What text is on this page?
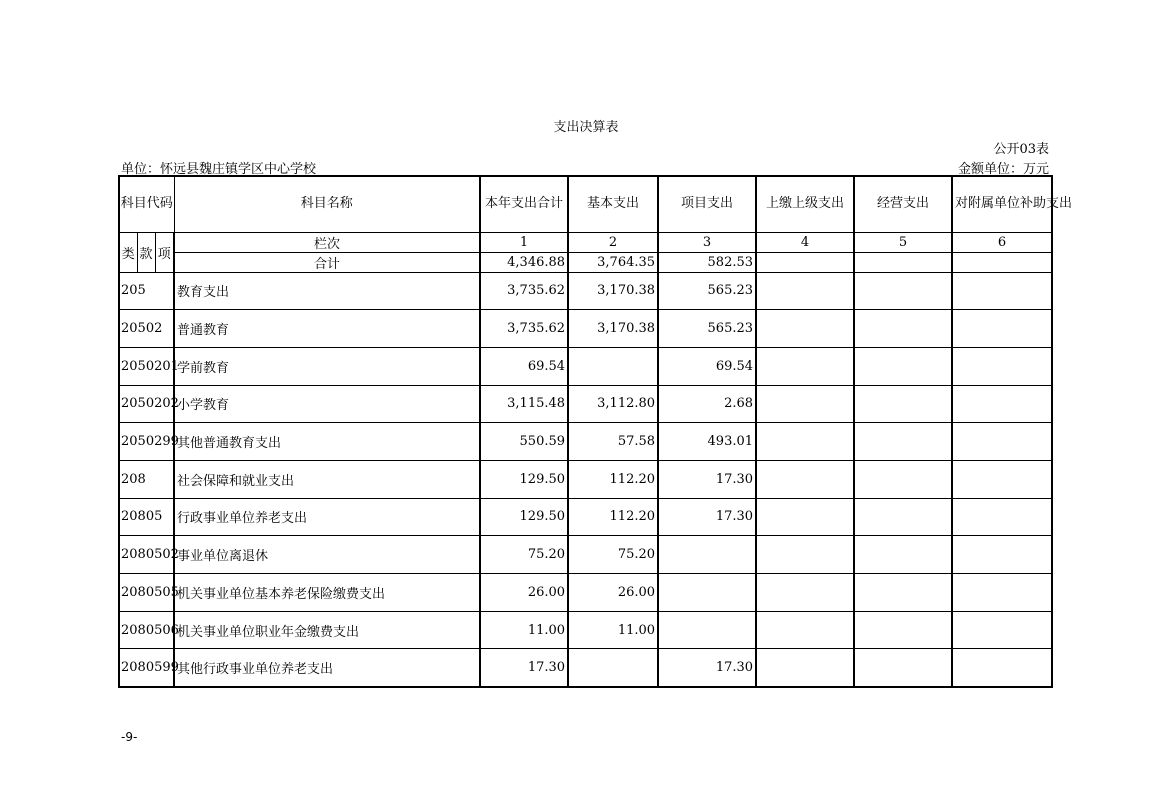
支出决算表
公开03表
单位：怀远县魏庄镇学区中心学校	金额单位：万元
科目代码			科目名称	本年支出合计	基本支出	项目支出	上缴上级支出	经营支出	对附属单位补助支出
类	款	项	栏次	1	2	3	4	5	6
			合计	4,346.88	3,764.35	582.53			
205			教育支出	3,735.62	3,170.38	565.23			
20502			普通教育	3,735.62	3,170.38	565.23			
2050201			学前教育	69.54		69.54			
2050202			小学教育	3,115.48	3,112.80	2.68			
2050299			其他普通教育支出	550.59	57.58	493.01			
208			社会保障和就业支出	129.50	112.20	17.30			
20805			行政事业单位养老支出	129.50	112.20	17.30			
2080502			事业单位离退休	75.20	75.20				
2080505			机关事业单位基本养老保险缴费支出	26.00	26.00				
2080506			机关事业单位职业年金缴费支出	11.00	11.00				
2080599			其他行政事业单位养老支出	17.30		17.30			
-9-
